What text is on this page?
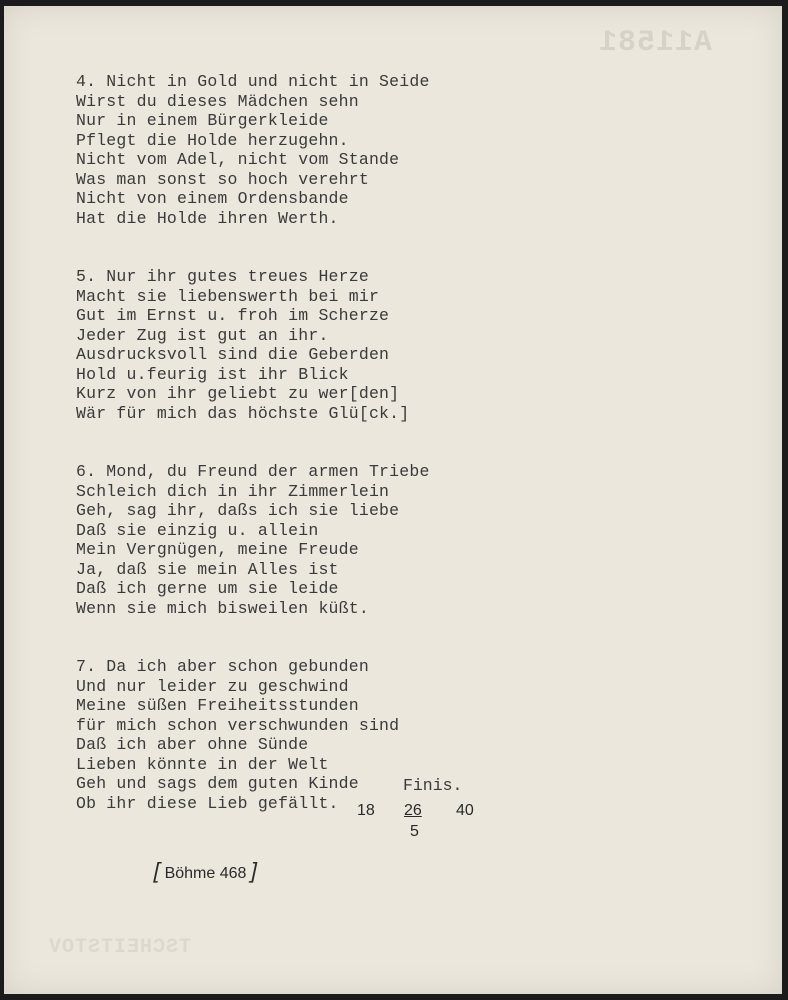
A11581
TSCHEITSTOV
4. Nicht in Gold und nicht in Seide
Wirst du dieses Mädchen sehn
Nur in einem Bürgerkleide
Pflegt die Holde herzugehn.
Nicht vom Adel, nicht vom Stande
Was man sonst so hoch verehrt
Nicht von einem Ordensbande
Hat die Holde ihren Werth.
5. Nur ihr gutes treues Herze
Macht sie liebenswerth bei mir
Gut im Ernst u. froh im Scherze
Jeder Zug ist gut an ihr.
Ausdrucksvoll sind die Geberden
Hold u.feurig ist ihr Blick
Kurz von ihr geliebt zu wer[den]
Wär für mich das höchste Glü[ck.]
6. Mond, du Freund der armen Triebe
Schleich dich in ihr Zimmerlein
Geh, sag ihr, daßs ich sie liebe
Daß sie einzig u. allein
Mein Vergnügen, meine Freude
Ja, daß sie mein Alles ist
Daß ich gerne um sie leide
Wenn sie mich bisweilen küßt.
7. Da ich aber schon gebunden
Und nur leider zu geschwind
Meine süßen Freiheitsstunden
für mich schon verschwunden sind
Daß ich aber ohne Sünde
Lieben könnte in der Welt
Geh und sags dem guten Kinde
Ob ihr diese Lieb gefällt.
Finis.
18 26 40
5
[ Böhme 468 ]
